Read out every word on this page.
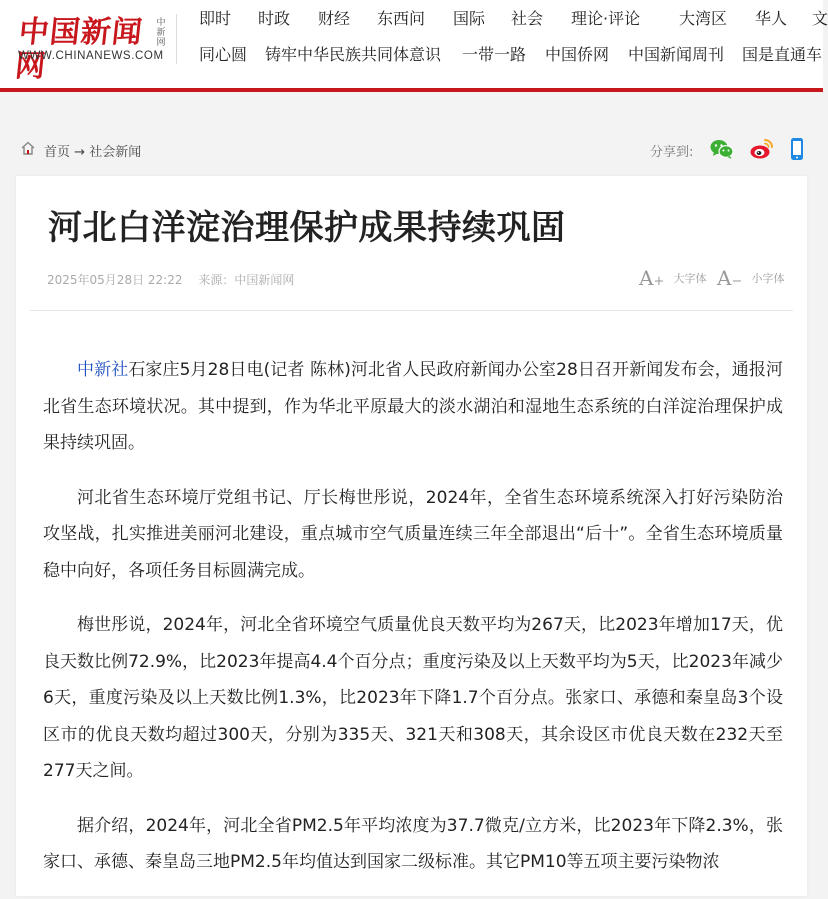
中国新闻网
中新网
WWW.CHINANEWS.COM
即时 时政 财经 东西问 国际 社会 理论·评论 大湾区 华人 文
同心圆 铸牢中华民族共同体意识 一带一路 中国侨网 中国新闻周刊 国是直通车
首页 → 社会新闻	分享到:
河北白洋淀治理保护成果持续巩固
2025年05月28日 22:22 来源：中国新闻网	A+ 大字体 A− 小字体

中新社石家庄5月28日电(记者 陈林)河北省人民政府新闻办公室28日召开新闻发布会，通报河北省生态环境状况。其中提到，作为华北平原最大的淡水湖泊和湿地生态系统的白洋淀治理保护成果持续巩固。

河北省生态环境厅党组书记、厅长梅世彤说，2024年，全省生态环境系统深入打好污染防治攻坚战，扎实推进美丽河北建设，重点城市空气质量连续三年全部退出“后十”。全省生态环境质量稳中向好，各项任务目标圆满完成。

梅世彤说，2024年，河北全省环境空气质量优良天数平均为267天，比2023年增加17天，优良天数比例72.9%，比2023年提高4.4个百分点；重度污染及以上天数平均为5天，比2023年减少6天，重度污染及以上天数比例1.3%，比2023年下降1.7个百分点。张家口、承德和秦皇岛3个设区市的优良天数均超过300天，分别为335天、321天和308天，其余设区市优良天数在232天至277天之间。

据介绍，2024年，河北全省PM2.5年平均浓度为37.7微克/立方米，比2023年下降2.3%，张家口、承德、秦皇岛三地PM2.5年均值达到国家二级标准。其它PM10等五项主要污染物浓
